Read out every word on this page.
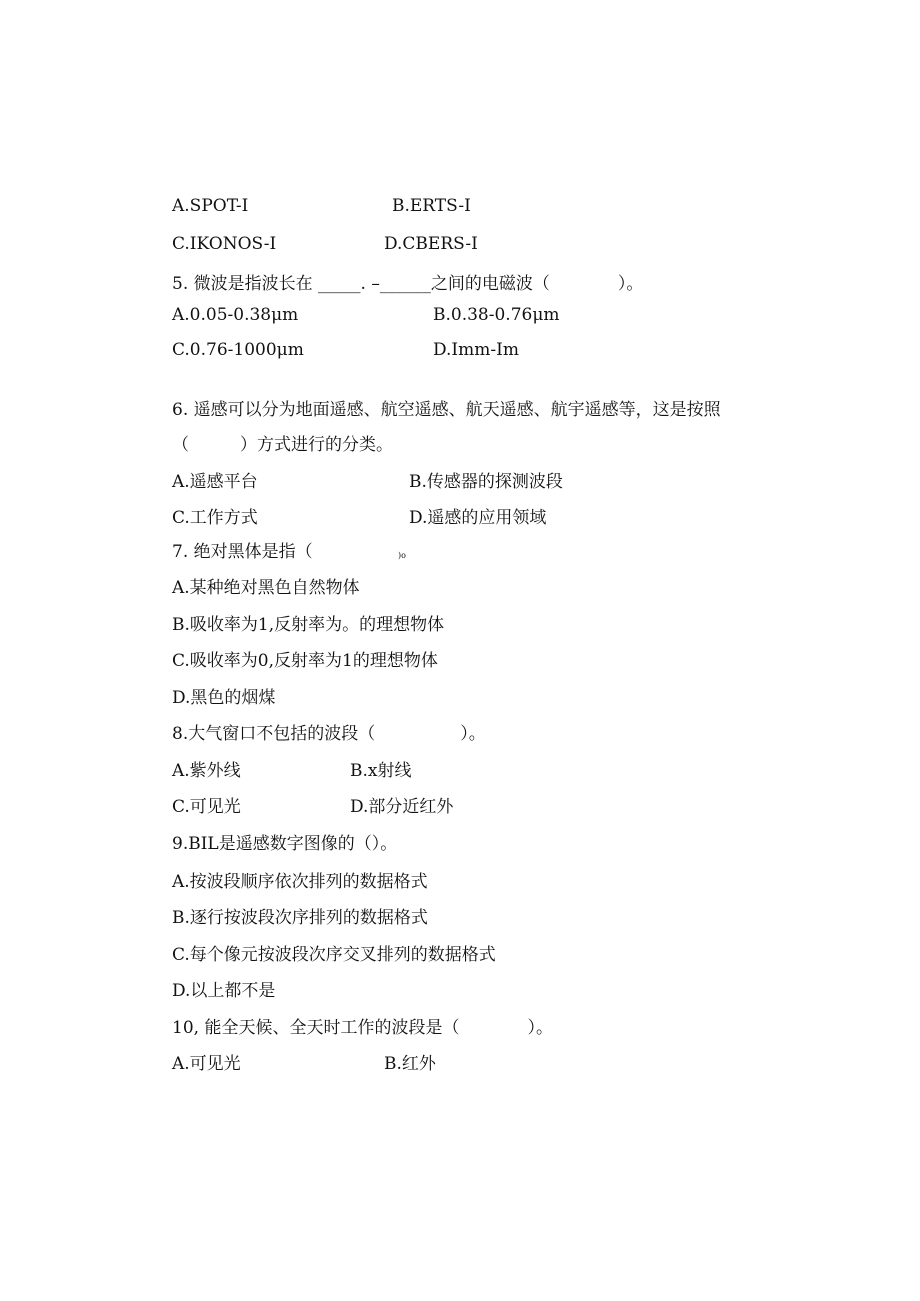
A.SPOT-I	B.ERTS-I
C.IKONOS-I	D.CBERS-I
5. 微波是指波长在 _____. –______之间的电磁波（　　　　）。
A.0.05-0.38μm	B.0.38-0.76μm
C.0.76-1000μm	D.Imm-Im
6. 遥感可以分为地面遥感、航空遥感、航天遥感、航宇遥感等，这是按照
（　　　）方式进行的分类。
A.遥感平台	B.传感器的探测波段
C.工作方式	D.遥感的应用领域
7. 绝对黑体是指（	)o
A.某种绝对黑色自然物体
B.吸收率为1,反射率为。的理想物体
C.吸收率为0,反射率为1的理想物体
D.黑色的烟煤
8.大气窗口不包括的波段（　　　　　）。
A.紫外线	B.x射线
C.可见光	D.部分近红外
9.BIL是遥感数字图像的（）。
A.按波段顺序依次排列的数据格式
B.逐行按波段次序排列的数据格式
C.每个像元按波段次序交叉排列的数据格式
D.以上都不是
10, 能全天候、全天时工作的波段是（　　　　）。
A.可见光	B.红外
